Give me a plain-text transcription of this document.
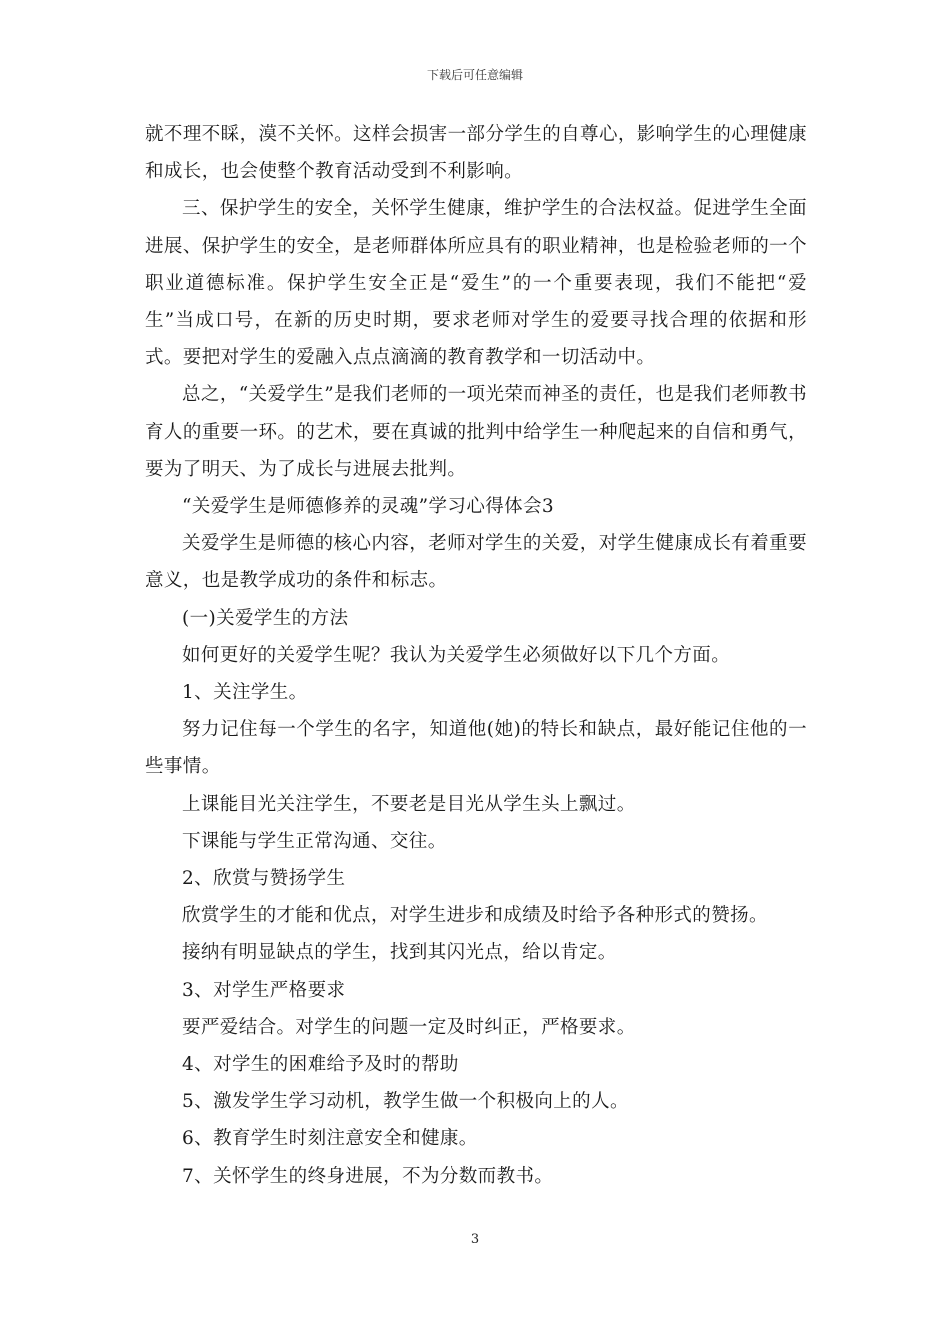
下载后可任意编辑

就不理不睬，漠不关怀。这样会损害一部分学生的自尊心，影响学生的心理健康和成长，也会使整个教育活动受到不利影响。

三、保护学生的安全，关怀学生健康，维护学生的合法权益。促进学生全面进展、保护学生的安全，是老师群体所应具有的职业精神，也是检验老师的一个职业道德标准。保护学生安全正是“爱生”的一个重要表现，我们不能把“爱生”当成口号，在新的历史时期，要求老师对学生的爱要寻找合理的依据和形式。要把对学生的爱融入点点滴滴的教育教学和一切活动中。

总之，“关爱学生”是我们老师的一项光荣而神圣的责任，也是我们老师教书育人的重要一环。的艺术，要在真诚的批判中给学生一种爬起来的自信和勇气，要为了明天、为了成长与进展去批判。

“关爱学生是师德修养的灵魂”学习心得体会3

关爱学生是师德的核心内容，老师对学生的关爱，对学生健康成长有着重要意义，也是教学成功的条件和标志。

(一)关爱学生的方法

如何更好的关爱学生呢？我认为关爱学生必须做好以下几个方面。

1、关注学生。

努力记住每一个学生的名字，知道他(她)的特长和缺点，最好能记住他的一些事情。

上课能目光关注学生，不要老是目光从学生头上飘过。

下课能与学生正常沟通、交往。

2、欣赏与赞扬学生

欣赏学生的才能和优点，对学生进步和成绩及时给予各种形式的赞扬。

接纳有明显缺点的学生，找到其闪光点，给以肯定。

3、对学生严格要求

要严爱结合。对学生的问题一定及时纠正，严格要求。

4、对学生的困难给予及时的帮助

5、激发学生学习动机，教学生做一个积极向上的人。

6、教育学生时刻注意安全和健康。

7、关怀学生的终身进展，不为分数而教书。

3
